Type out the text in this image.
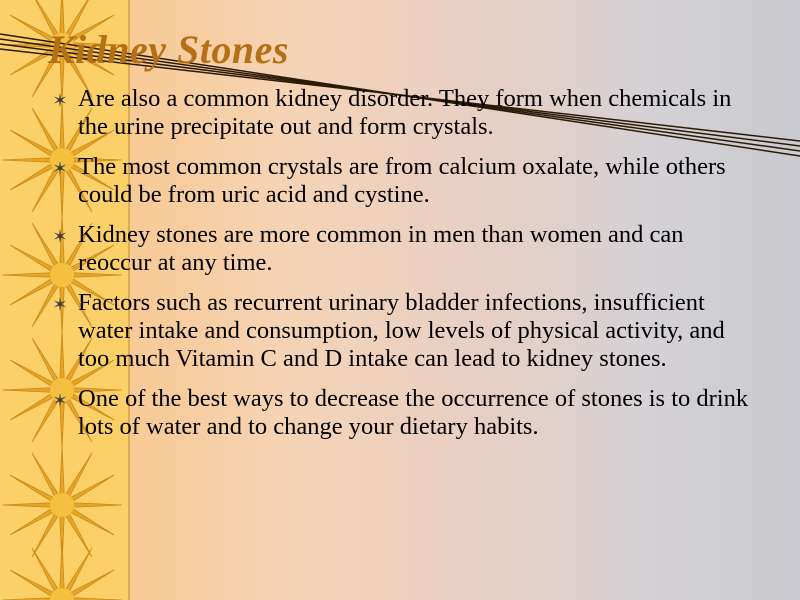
Kidney Stones
Are also a common kidney disorder. They form when chemicals in the urine precipitate out and form crystals.
The most common crystals are from calcium oxalate, while others could be from uric acid and cystine.
Kidney stones are more common in men than women and can reoccur at any time.
Factors such as recurrent urinary bladder infections, insufficient water intake and consumption, low levels of physical activity, and too much Vitamin C and D intake can lead to kidney stones.
One of the best ways to decrease the occurrence of stones is to drink lots of water and to change your dietary habits.
